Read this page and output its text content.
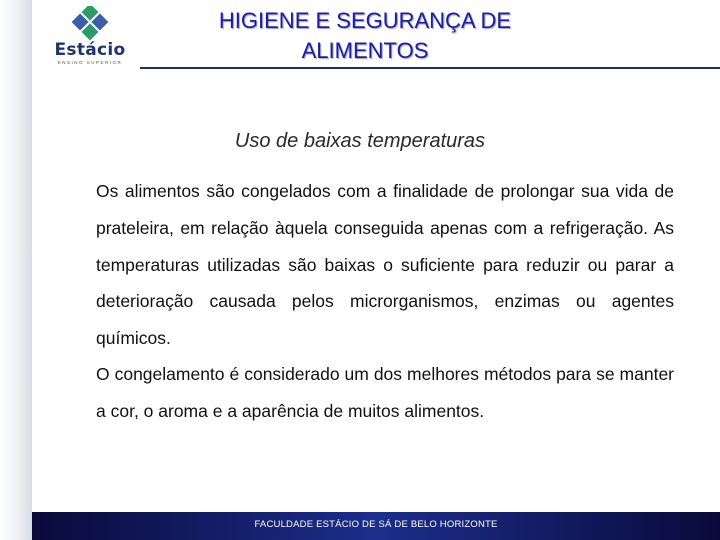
Estácio
ENSINO SUPERIOR
HIGIENE E SEGURANÇA DE ALIMENTOS
Uso de baixas temperaturas

Os alimentos são congelados com a finalidade de prolongar sua vida de prateleira, em relação àquela conseguida apenas com a refrigeração. As temperaturas utilizadas são baixas o suficiente para reduzir ou parar a deterioração causada pelos microrganismos, enzimas ou agentes químicos.

O congelamento é considerado um dos melhores métodos para se manter a cor, o aroma e a aparência de muitos alimentos.

FACULDADE ESTÁCIO DE SÁ DE BELO HORIZONTE
